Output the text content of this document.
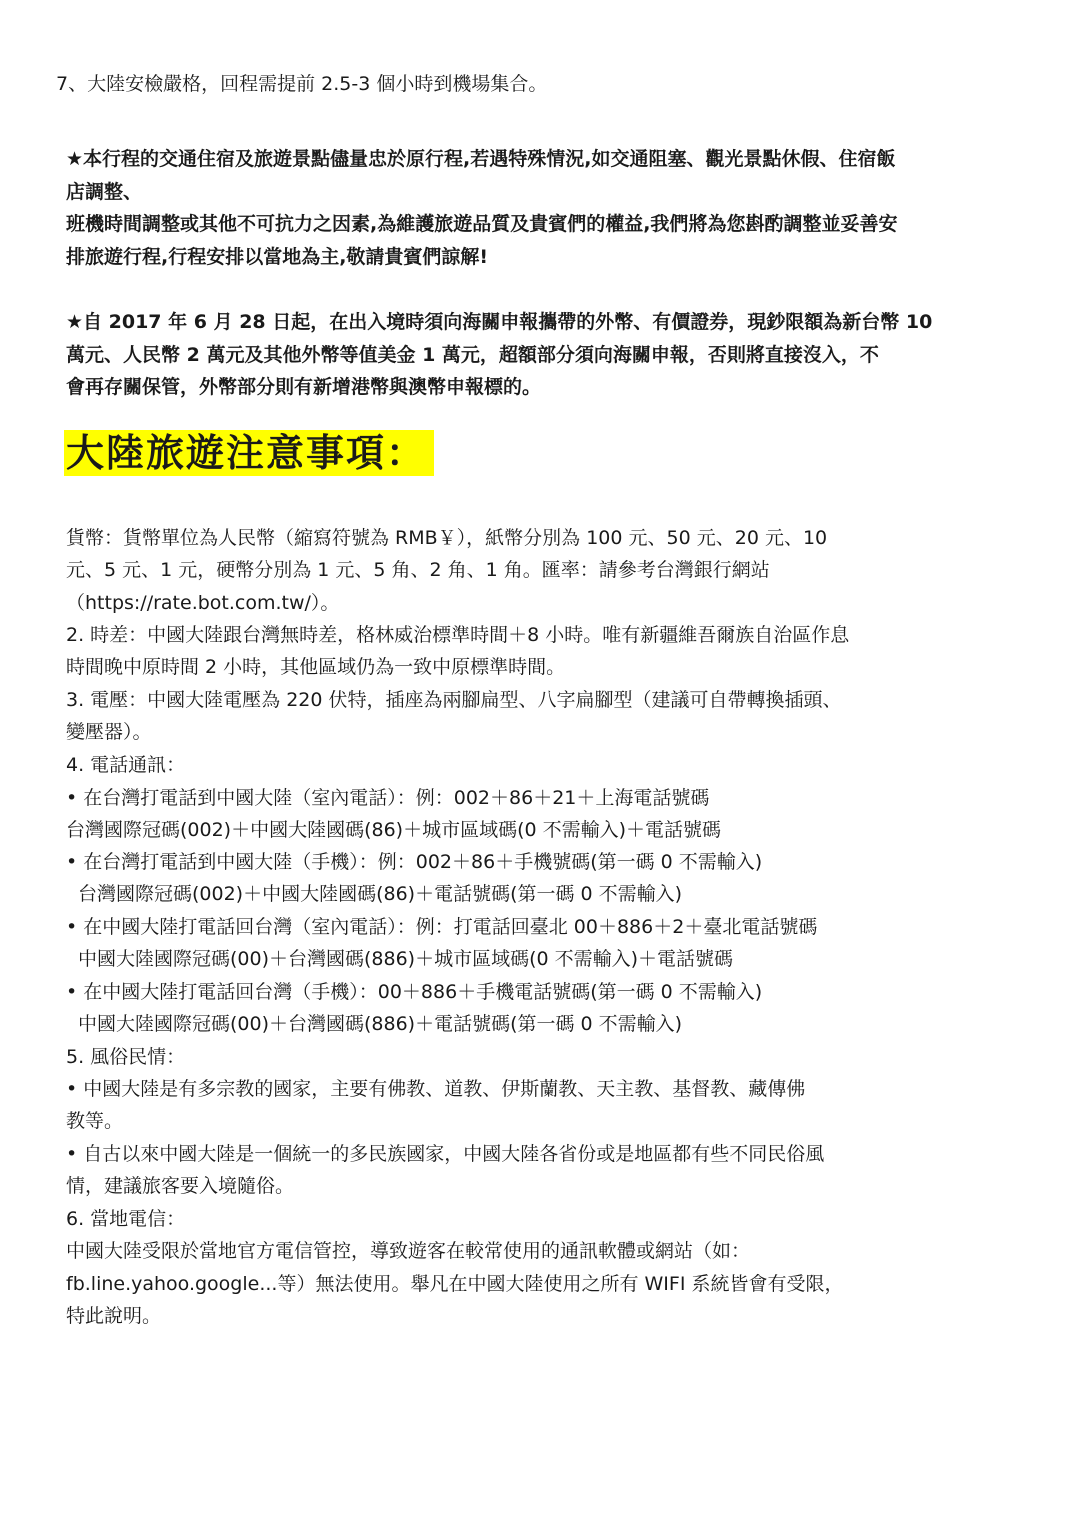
7、大陸安檢嚴格，回程需提前 2.5-3 個小時到機場集合。
★本行程的交通住宿及旅遊景點儘量忠於原行程,若遇特殊情況,如交通阻塞、觀光景點休假、住宿飯
店調整、
班機時間調整或其他不可抗力之因素,為維護旅遊品質及貴賓們的權益,我們將為您斟酌調整並妥善安
排旅遊行程,行程安排以當地為主,敬請貴賓們諒解!
★自 2017 年 6 月 28 日起，在出入境時須向海關申報攜帶的外幣、有價證券，現鈔限額為新台幣 10
萬元、人民幣 2 萬元及其他外幣等值美金 1 萬元，超額部分須向海關申報，否則將直接沒入，不
會再存關保管，外幣部分則有新增港幣與澳幣申報標的。
大陸旅遊注意事項：
貨幣：貨幣單位為人民幣（縮寫符號為 RMB￥），紙幣分別為 100 元、50 元、20 元、10
元、5 元、1 元，硬幣分別為 1 元、5 角、2 角、1 角。匯率：請參考台灣銀行網站
（https://rate.bot.com.tw/）。
2. 時差：中國大陸跟台灣無時差，格林威治標準時間＋8 小時。唯有新疆維吾爾族自治區作息
時間晚中原時間 2 小時，其他區域仍為一致中原標準時間。
3. 電壓：中國大陸電壓為 220 伏特，插座為兩腳扁型、八字扁腳型（建議可自帶轉換插頭、
變壓器）。
4. 電話通訊：
• 在台灣打電話到中國大陸（室內電話）：例：002＋86＋21＋上海電話號碼
台灣國際冠碼(002)＋中國大陸國碼(86)＋城市區域碼(0 不需輸入)＋電話號碼
• 在台灣打電話到中國大陸（手機）：例：002＋86＋手機號碼(第一碼 0 不需輸入)
台灣國際冠碼(002)＋中國大陸國碼(86)＋電話號碼(第一碼 0 不需輸入)
• 在中國大陸打電話回台灣（室內電話）：例：打電話回臺北 00＋886＋2＋臺北電話號碼
中國大陸國際冠碼(00)＋台灣國碼(886)＋城市區域碼(0 不需輸入)＋電話號碼
• 在中國大陸打電話回台灣（手機）：00＋886＋手機電話號碼(第一碼 0 不需輸入)
中國大陸國際冠碼(00)＋台灣國碼(886)＋電話號碼(第一碼 0 不需輸入)
5. 風俗民情：
• 中國大陸是有多宗教的國家，主要有佛教、道教、伊斯蘭教、天主教、基督教、藏傳佛
教等。
• 自古以來中國大陸是一個統一的多民族國家，中國大陸各省份或是地區都有些不同民俗風
情，建議旅客要入境隨俗。
6. 當地電信：
中國大陸受限於當地官方電信管控，導致遊客在較常使用的通訊軟體或網站（如：
fb.line.yahoo.google...等）無法使用。舉凡在中國大陸使用之所有 WIFI 系統皆會有受限，
特此說明。
